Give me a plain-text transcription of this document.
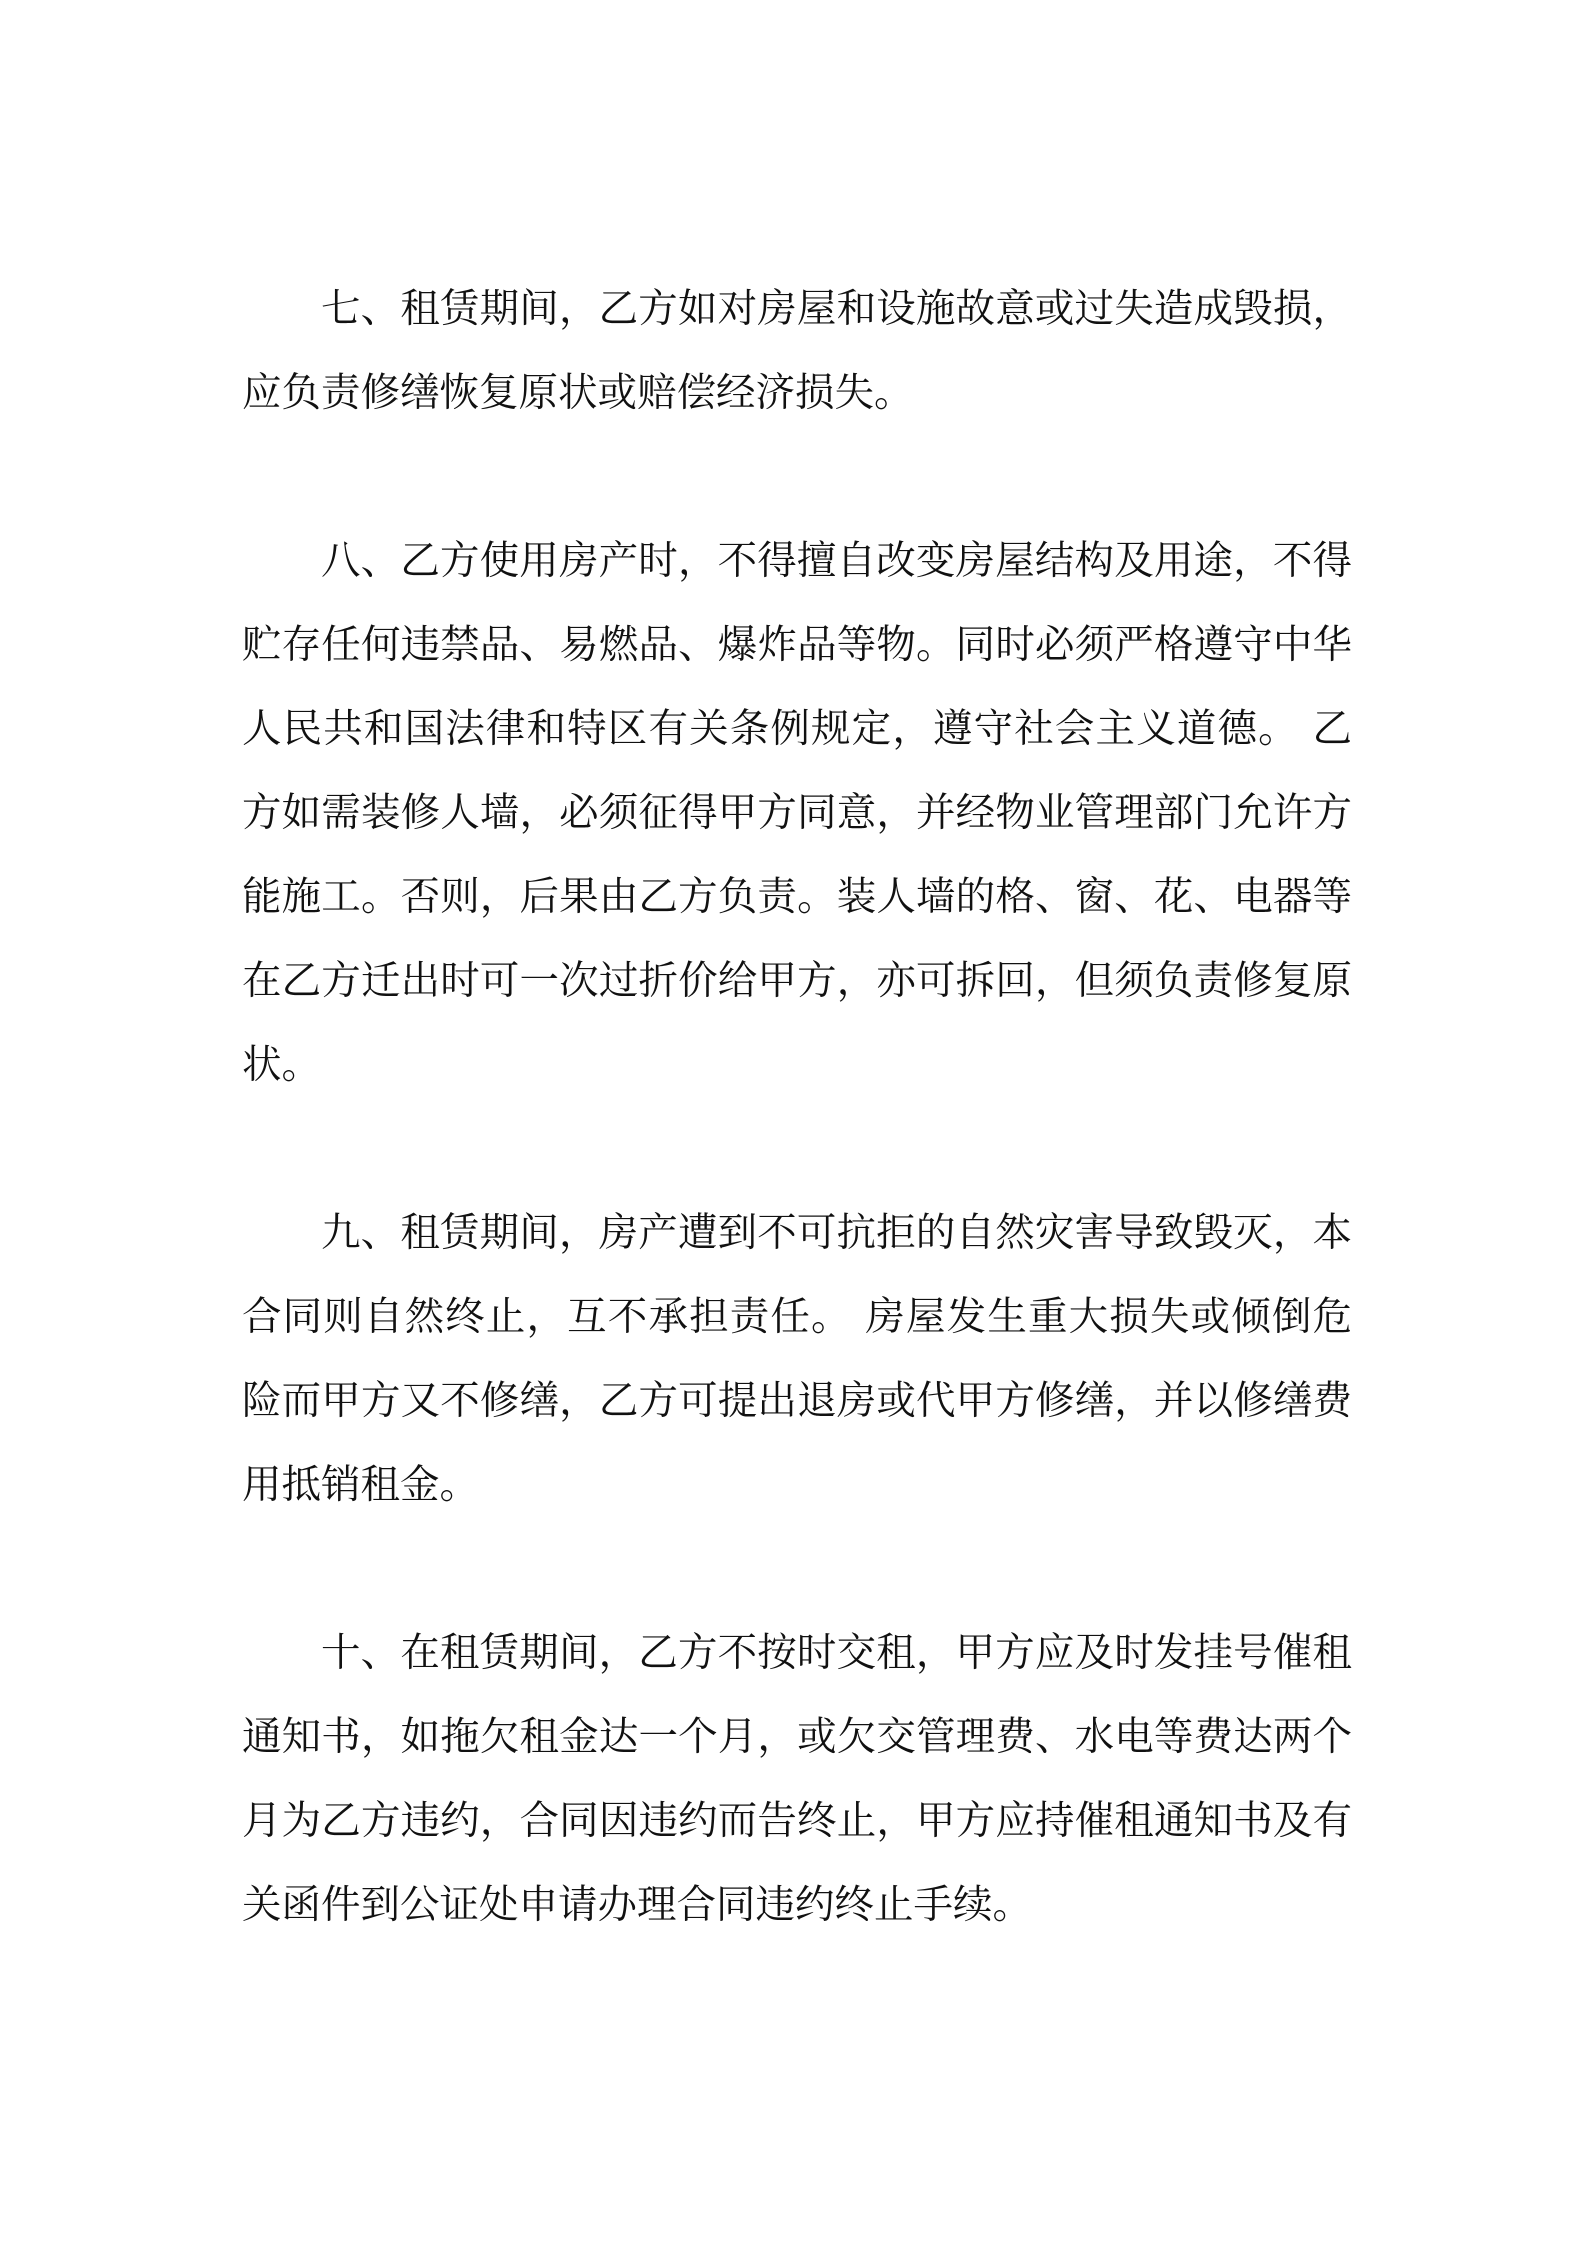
七、租赁期间，乙方如对房屋和设施故意或过失造成毁损，
应负责修缮恢复原状或赔偿经济损失。
八、乙方使用房产时，不得擅自改变房屋结构及用途，不得
贮存任何违禁品、易燃品、爆炸品等物。同时必须严格遵守中华
人民共和国法律和特区有关条例规定，遵守社会主义道德。 乙
方如需装修人墙，必须征得甲方同意，并经物业管理部门允许方
能施工。否则，后果由乙方负责。装人墙的格、窗、花、电器等
在乙方迁出时可一次过折价给甲方，亦可拆回，但须负责修复原
状。
九、租赁期间，房产遭到不可抗拒的自然灾害导致毁灭，本
合同则自然终止，互不承担责任。 房屋发生重大损失或倾倒危
险而甲方又不修缮，乙方可提出退房或代甲方修缮，并以修缮费
用抵销租金。
十、在租赁期间，乙方不按时交租，甲方应及时发挂号催租
通知书，如拖欠租金达一个月，或欠交管理费、水电等费达两个
月为乙方违约，合同因违约而告终止，甲方应持催租通知书及有
关函件到公证处申请办理合同违约终止手续。
